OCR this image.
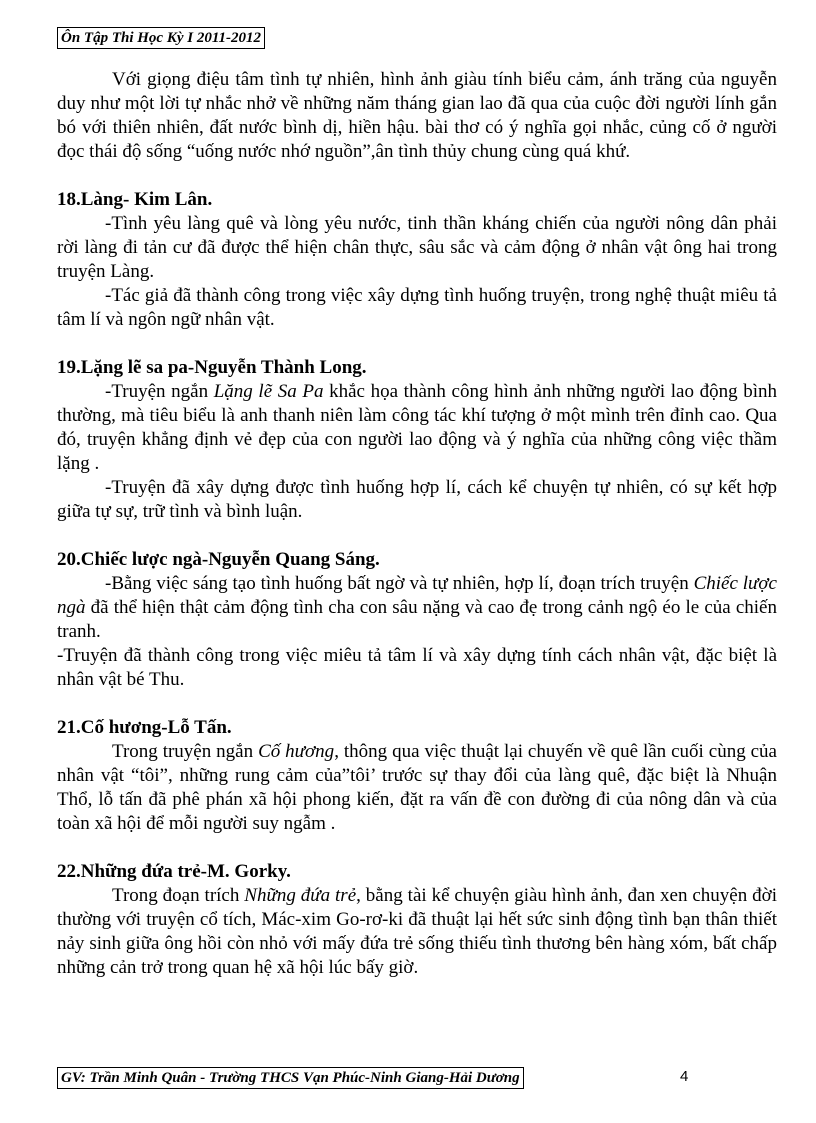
Ôn Tập Thi Học Kỳ I 2011-2012

Với giọng điệu tâm tình tự nhiên, hình ảnh giàu tính biểu cảm, ánh trăng của nguyễn duy như một lời tự nhắc nhở về những năm tháng gian lao đã qua của cuộc đời người lính gắn bó với thiên nhiên, đất nước bình dị, hiền hậu. bài thơ có ý nghĩa gọi nhắc, củng cố ở người đọc thái độ sống “uống nước nhớ nguồn”,ân tình thủy chung cùng quá khứ.

18.Làng- Kim Lân.

-Tình yêu làng quê và lòng yêu nước, tinh thần kháng chiến của người nông dân phải rời làng đi tản cư đã được thể hiện chân thực, sâu sắc và cảm động ở nhân vật ông hai trong truyện Làng.

-Tác giả đã thành công trong việc xây dựng tình huống truyện, trong nghệ thuật miêu tả tâm lí và ngôn ngữ nhân vật.

19.Lặng lẽ sa pa-Nguyễn Thành Long.

-Truyện ngắn Lặng lẽ Sa Pa khắc họa thành công hình ảnh những người lao động bình thường, mà tiêu biểu là anh thanh niên làm công tác khí tượng ở một mình trên đỉnh cao. Qua đó, truyện khẳng định vẻ đẹp của con người lao động và ý nghĩa của những công việc thầm lặng .

-Truyện đã xây dựng được tình huống hợp lí, cách kể chuyện tự nhiên, có sự kết hợp giữa tự sự, trữ tình và bình luận.

20.Chiếc lược ngà-Nguyễn Quang Sáng.

-Bằng việc sáng tạo tình huống bất ngờ và tự nhiên, hợp lí, đoạn trích truyện Chiếc lược ngà đã thể hiện thật cảm động tình cha con sâu nặng và cao đẹ trong cảnh ngộ éo le của chiến tranh.

-Truyện đã thành công trong việc miêu tả tâm lí và xây dựng tính cách nhân vật, đặc biệt là nhân vật bé Thu.

21.Cố hương-Lỗ Tấn.

Trong truyện ngắn Cố hương, thông qua việc thuật lại chuyến về quê lần cuối cùng của nhân vật “tôi”, những rung cảm của”tôi’ trước sự thay đổi của làng quê, đặc biệt là Nhuận Thổ, lỗ tấn đã phê phán xã hội phong kiến, đặt ra vấn đề con đường đi của nông dân và của toàn xã hội để mỗi người suy ngẫm .

22.Những đứa trẻ-M. Gorky.

Trong đoạn trích Những đứa trẻ, bằng tài kể chuyện giàu hình ảnh, đan xen chuyện đời thường với truyện cổ tích, Mác-xim Go-rơ-ki đã thuật lại hết sức sinh động tình bạn thân thiết nảy sinh giữa ông hồi còn nhỏ với mấy đứa trẻ sống thiếu tình thương bên hàng xóm, bất chấp những cản trở trong quan hệ xã hội lúc bấy giờ.

GV: Trần Minh Quân - Trường THCS Vạn Phúc-Ninh Giang-Hải Dương	4
